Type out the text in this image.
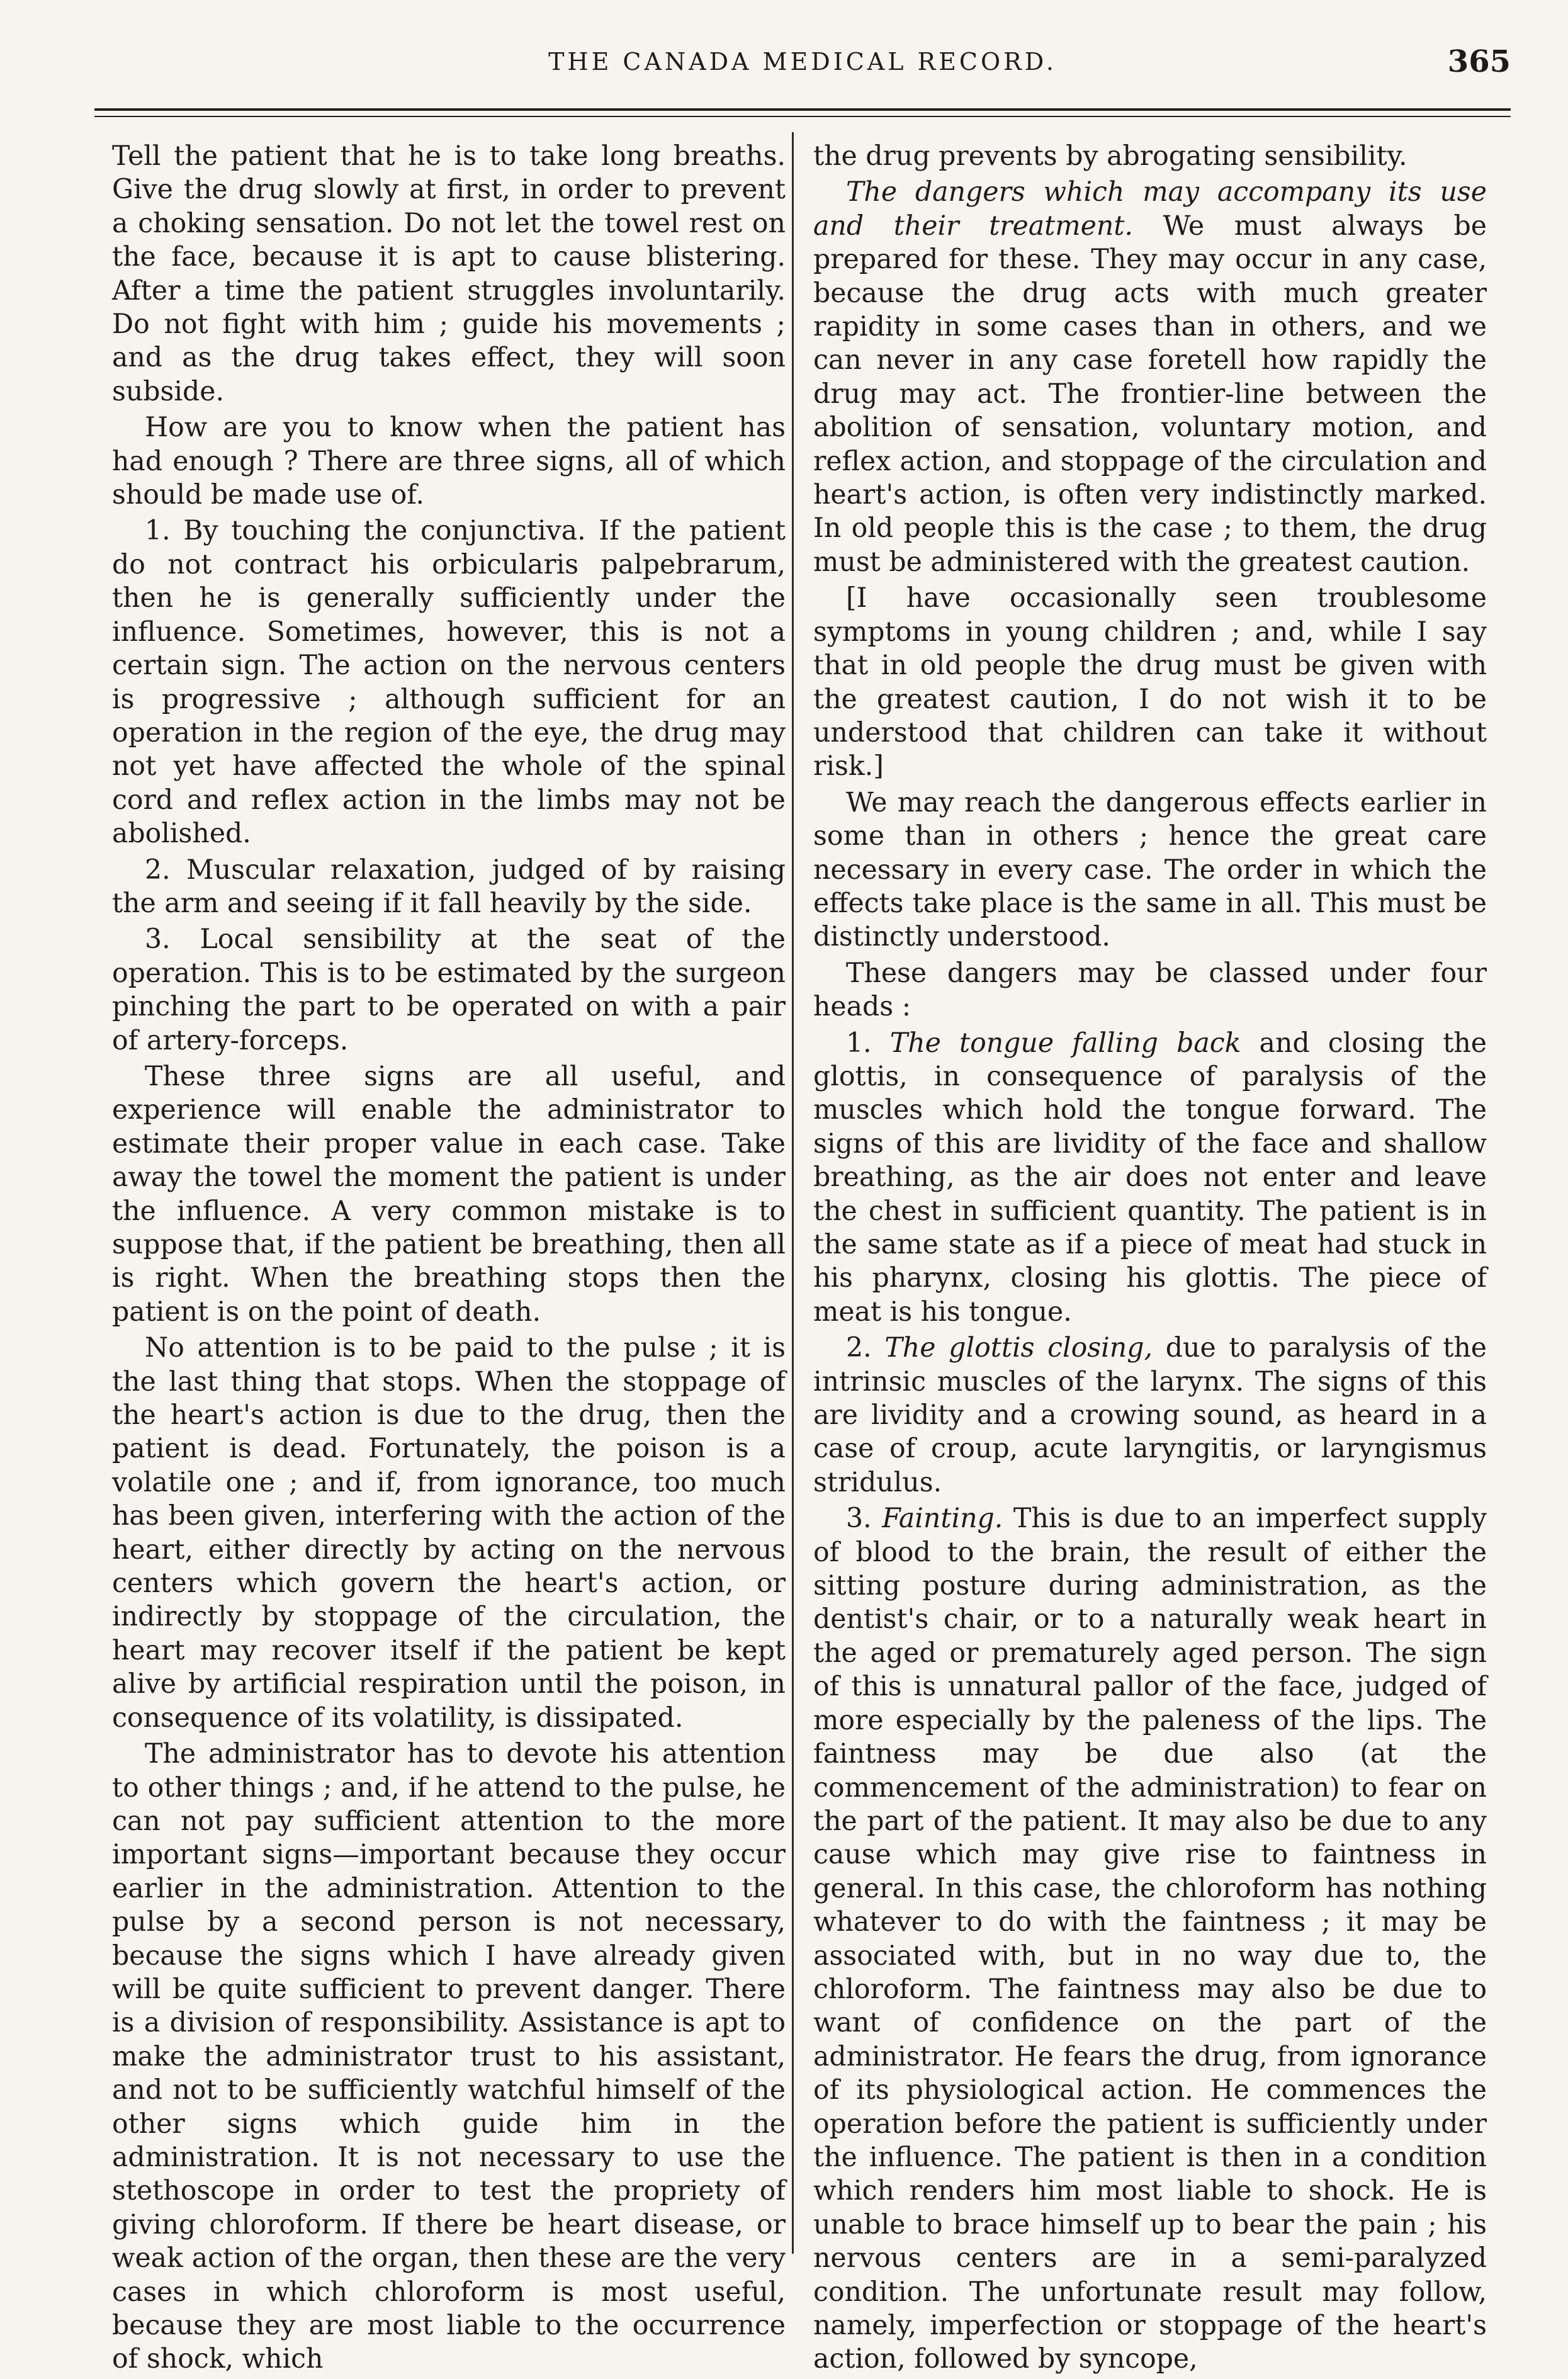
THE CANADA MEDICAL RECORD.	365

Tell the patient that he is to take long breaths. Give the drug slowly at first, in order to prevent a choking sensation. Do not let the towel rest on the face, because it is apt to cause blistering. After a time the patient struggles involuntarily. Do not fight with him ; guide his movements ; and as the drug takes effect, they will soon subside.

How are you to know when the patient has had enough ? There are three signs, all of which should be made use of.

1. By touching the conjunctiva. If the patient do not contract his orbicularis palpebrarum, then he is generally sufficiently under the influence. Sometimes, however, this is not a certain sign. The action on the nervous centers is progressive ; although sufficient for an operation in the region of the eye, the drug may not yet have affected the whole of the spinal cord and reflex action in the limbs may not be abolished.

2. Muscular relaxation, judged of by raising the arm and seeing if it fall heavily by the side.

3. Local sensibility at the seat of the operation. This is to be estimated by the surgeon pinching the part to be operated on with a pair of artery-forceps.

These three signs are all useful, and experience will enable the administrator to estimate their proper value in each case. Take away the towel the moment the patient is under the influence. A very common mistake is to suppose that, if the patient be breathing, then all is right. When the breathing stops then the patient is on the point of death.

No attention is to be paid to the pulse ; it is the last thing that stops. When the stoppage of the heart's action is due to the drug, then the patient is dead. Fortunately, the poison is a volatile one ; and if, from ignorance, too much has been given, interfering with the action of the heart, either directly by acting on the nervous centers which govern the heart's action, or indirectly by stoppage of the circulation, the heart may recover itself if the patient be kept alive by artificial respiration until the poison, in consequence of its volatility, is dissipated.

The administrator has to devote his attention to other things ; and, if he attend to the pulse, he can not pay sufficient attention to the more important signs—important because they occur earlier in the administration. Attention to the pulse by a second person is not necessary, because the signs which I have already given will be quite sufficient to prevent danger. There is a division of responsibility. Assistance is apt to make the administrator trust to his assistant, and not to be sufficiently watchful himself of the other signs which guide him in the administration. It is not necessary to use the stethoscope in order to test the propriety of giving chloroform. If there be heart disease, or weak action of the organ, then these are the very cases in which chloroform is most useful, because they are most liable to the occurrence of shock, which

the drug prevents by abrogating sensibility.

The dangers which may accompany its use and their treatment. We must always be prepared for these. They may occur in any case, because the drug acts with much greater rapidity in some cases than in others, and we can never in any case foretell how rapidly the drug may act. The frontier-line between the abolition of sensation, voluntary motion, and reflex action, and stoppage of the circulation and heart's action, is often very indistinctly marked. In old people this is the case ; to them, the drug must be administered with the greatest caution.

[I have occasionally seen troublesome symptoms in young children ; and, while I say that in old people the drug must be given with the greatest caution, I do not wish it to be understood that children can take it without risk.]

We may reach the dangerous effects earlier in some than in others ; hence the great care necessary in every case. The order in which the effects take place is the same in all. This must be distinctly understood.

These dangers may be classed under four heads :

1. The tongue falling back and closing the glottis, in consequence of paralysis of the muscles which hold the tongue forward. The signs of this are lividity of the face and shallow breathing, as the air does not enter and leave the chest in sufficient quantity. The patient is in the same state as if a piece of meat had stuck in his pharynx, closing his glottis. The piece of meat is his tongue.

2. The glottis closing, due to paralysis of the intrinsic muscles of the larynx. The signs of this are lividity and a crowing sound, as heard in a case of croup, acute laryngitis, or laryngismus stridulus.

3. Fainting. This is due to an imperfect supply of blood to the brain, the result of either the sitting posture during administration, as the dentist's chair, or to a naturally weak heart in the aged or prematurely aged person. The sign of this is unnatural pallor of the face, judged of more especially by the paleness of the lips. The faintness may be due also (at the commencement of the administration) to fear on the part of the patient. It may also be due to any cause which may give rise to faintness in general. In this case, the chloroform has nothing whatever to do with the faintness ; it may be associated with, but in no way due to, the chloroform. The faintness may also be due to want of confidence on the part of the administrator. He fears the drug, from ignorance of its physiological action. He commences the operation before the patient is sufficiently under the influence. The patient is then in a condition which renders him most liable to shock. He is unable to brace himself up to bear the pain ; his nervous centers are in a semi-paralyzed condition. The unfortunate result may follow, namely, imperfection or stoppage of the heart's action, followed by syncope,
